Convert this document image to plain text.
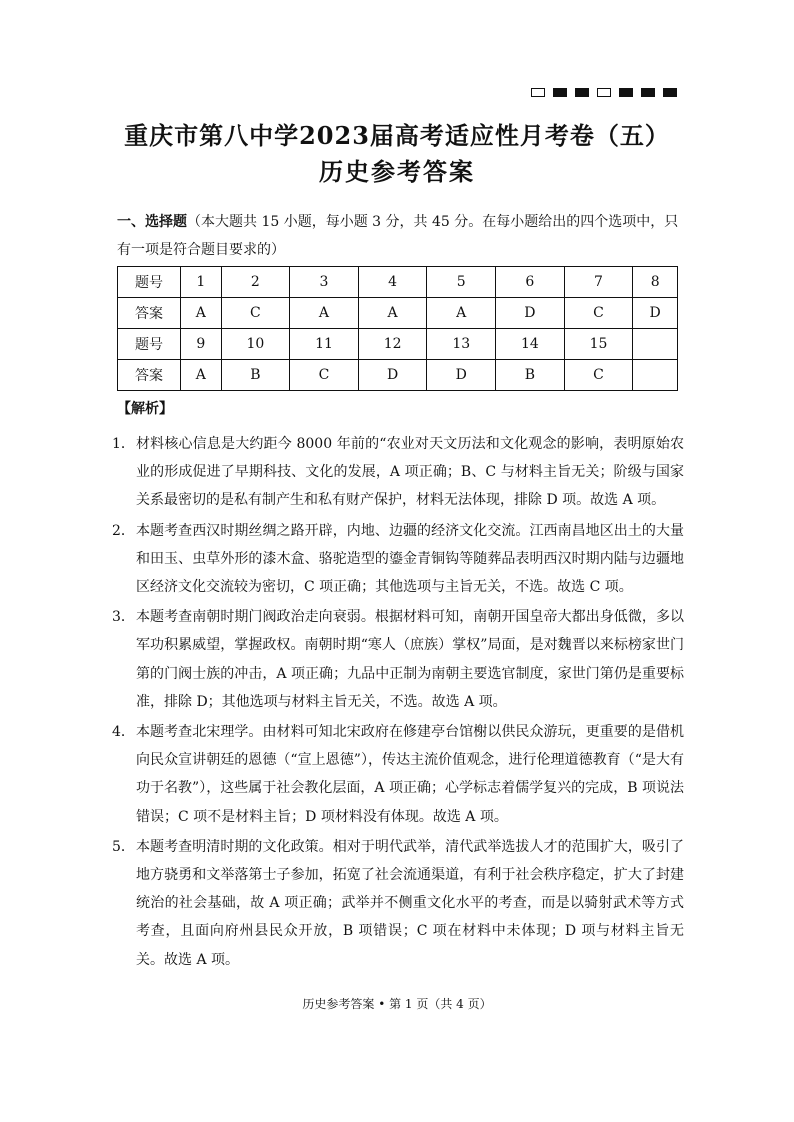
重庆市第八中学2023届高考适应性月考卷（五）
历史参考答案
一、选择题（本大题共 15 小题，每小题 3 分，共 45 分。在每小题给出的四个选项中，只有一项是符合题目要求的）
题号	1	2	3	4	5	6	7	8
答案	A	C	A	A	A	D	C	D
题号	9	10	11	12	13	14	15	
答案	A	B	C	D	D	B	C	
【解析】
1． 材料核心信息是大约距今 8000 年前的“农业对天文历法和文化观念的影响，表明原始农业的形成促进了早期科技、文化的发展，A 项正确；B、C 与材料主旨无关；阶级与国家关系最密切的是私有制产生和私有财产保护，材料无法体现，排除 D 项。故选 A 项。
2． 本题考查西汉时期丝绸之路开辟，内地、边疆的经济文化交流。江西南昌地区出土的大量和田玉、虫草外形的漆木盒、骆驼造型的鎏金青铜钩等随葬品表明西汉时期内陆与边疆地区经济文化交流较为密切，C 项正确；其他选项与主旨无关，不选。故选 C 项。
3． 本题考查南朝时期门阀政治走向衰弱。根据材料可知，南朝开国皇帝大都出身低微，多以军功积累威望，掌握政权。南朝时期“寒人（庶族）掌权”局面，是对魏晋以来标榜家世门第的门阀士族的冲击，A 项正确；九品中正制为南朝主要选官制度，家世门第仍是重要标准，排除 D；其他选项与材料主旨无关，不选。故选 A 项。
4． 本题考查北宋理学。由材料可知北宋政府在修建亭台馆榭以供民众游玩，更重要的是借机向民众宣讲朝廷的恩德（“宣上恩德”），传达主流价值观念，进行伦理道德教育（“是大有功于名教”），这些属于社会教化层面，A 项正确；心学标志着儒学复兴的完成，B 项说法错误；C 项不是材料主旨；D 项材料没有体现。故选 A 项。
5． 本题考查明清时期的文化政策。相对于明代武举，清代武举选拔人才的范围扩大，吸引了地方骁勇和文举落第士子参加，拓宽了社会流通渠道，有利于社会秩序稳定，扩大了封建统治的社会基础，故 A 项正确；武举并不侧重文化水平的考查，而是以骑射武术等方式考查，且面向府州县民众开放，B 项错误；C 项在材料中未体现；D 项与材料主旨无关。故选 A 项。
历史参考答案 • 第 1 页（共 4 页）
